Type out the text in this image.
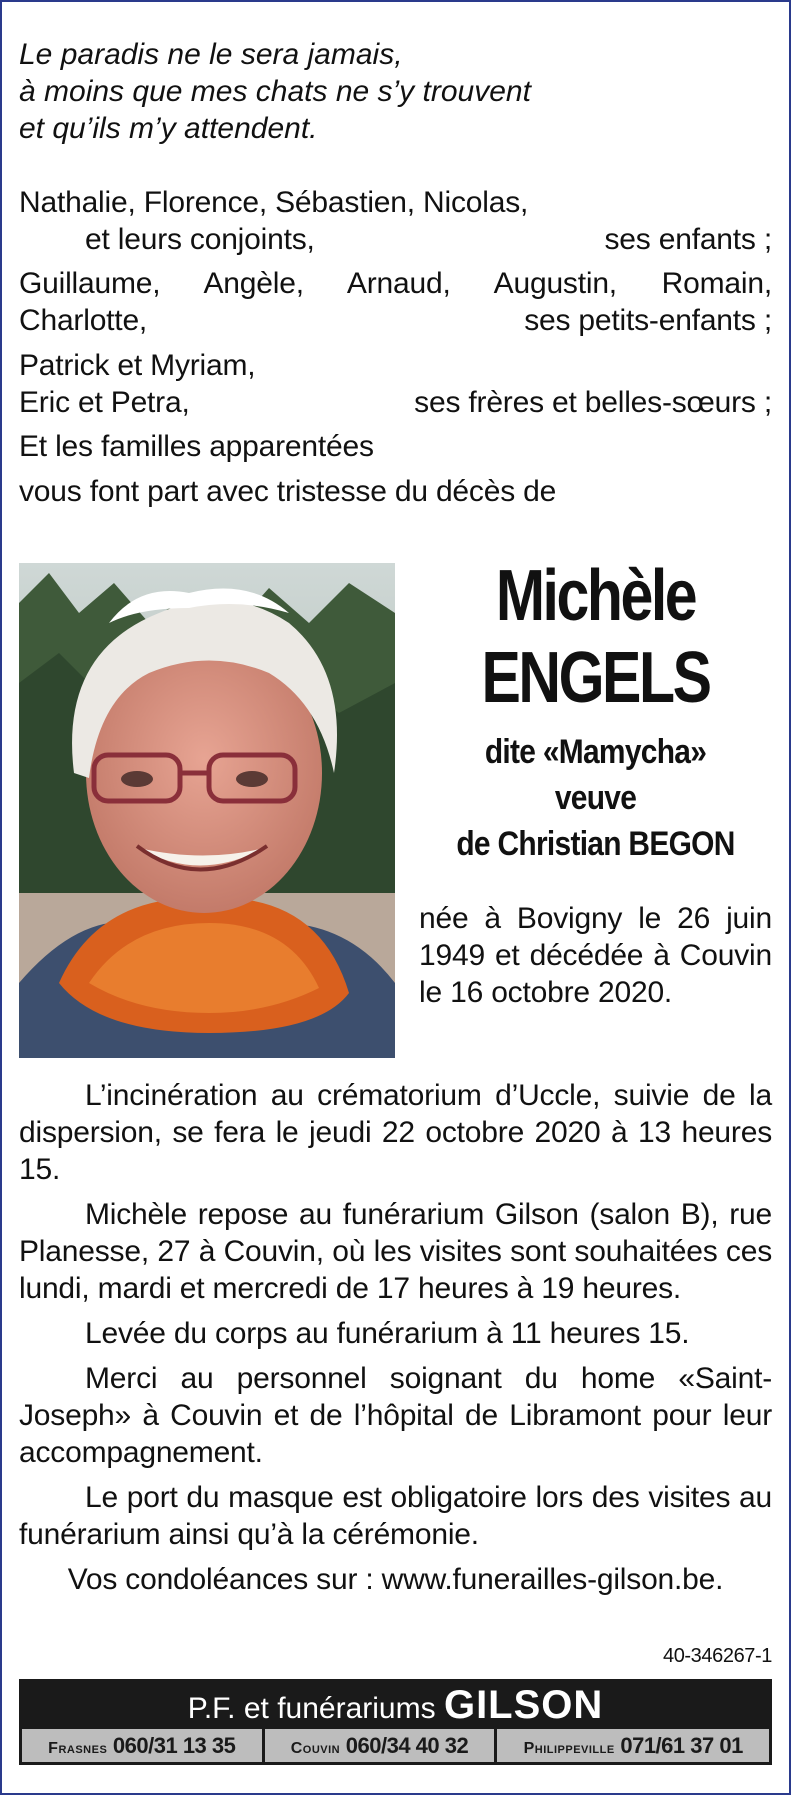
Le paradis ne le sera jamais,
à moins que mes chats ne s’y trouvent
et qu’ils m’y attendent.
Nathalie, Florence, Sébastien, Nicolas,
et leurs conjoints,	ses enfants ;
Guillaume, Angèle, Arnaud, Augustin, Romain,
Charlotte,	ses petits-enfants ;
Patrick et Myriam,
Eric et Petra,	ses frères et belles-sœurs ;
Et les familles apparentées
vous font part avec tristesse du décès de
Michèle
ENGELS
dite «Mamycha»
veuve
de Christian BEGON
née à Bovigny le 26 juin 1949 et décédée à Couvin le 16 octobre 2020.

L’incinération au crématorium d’Uccle, suivie de la dispersion, se fera le jeudi 22 octobre 2020 à 13 heures 15.

Michèle repose au funérarium Gilson (salon B), rue Planesse, 27 à Couvin, où les visites sont souhaitées ces lundi, mardi et mercredi de 17 heures à 19 heures.

Levée du corps au funérarium à 11 heures 15.

Merci au personnel soignant du home «Saint-Joseph» à Couvin et de l’hôpital de Libramont pour leur accompagnement.

Le port du masque est obligatoire lors des visites au funérarium ainsi qu’à la cérémonie.

Vos condoléances sur : www.funerailles-gilson.be.

40-346267-1
P.F. et funérariums GILSON
Frasnes 060/31 13 35	Couvin 060/34 40 32	Philippeville 071/61 37 01
